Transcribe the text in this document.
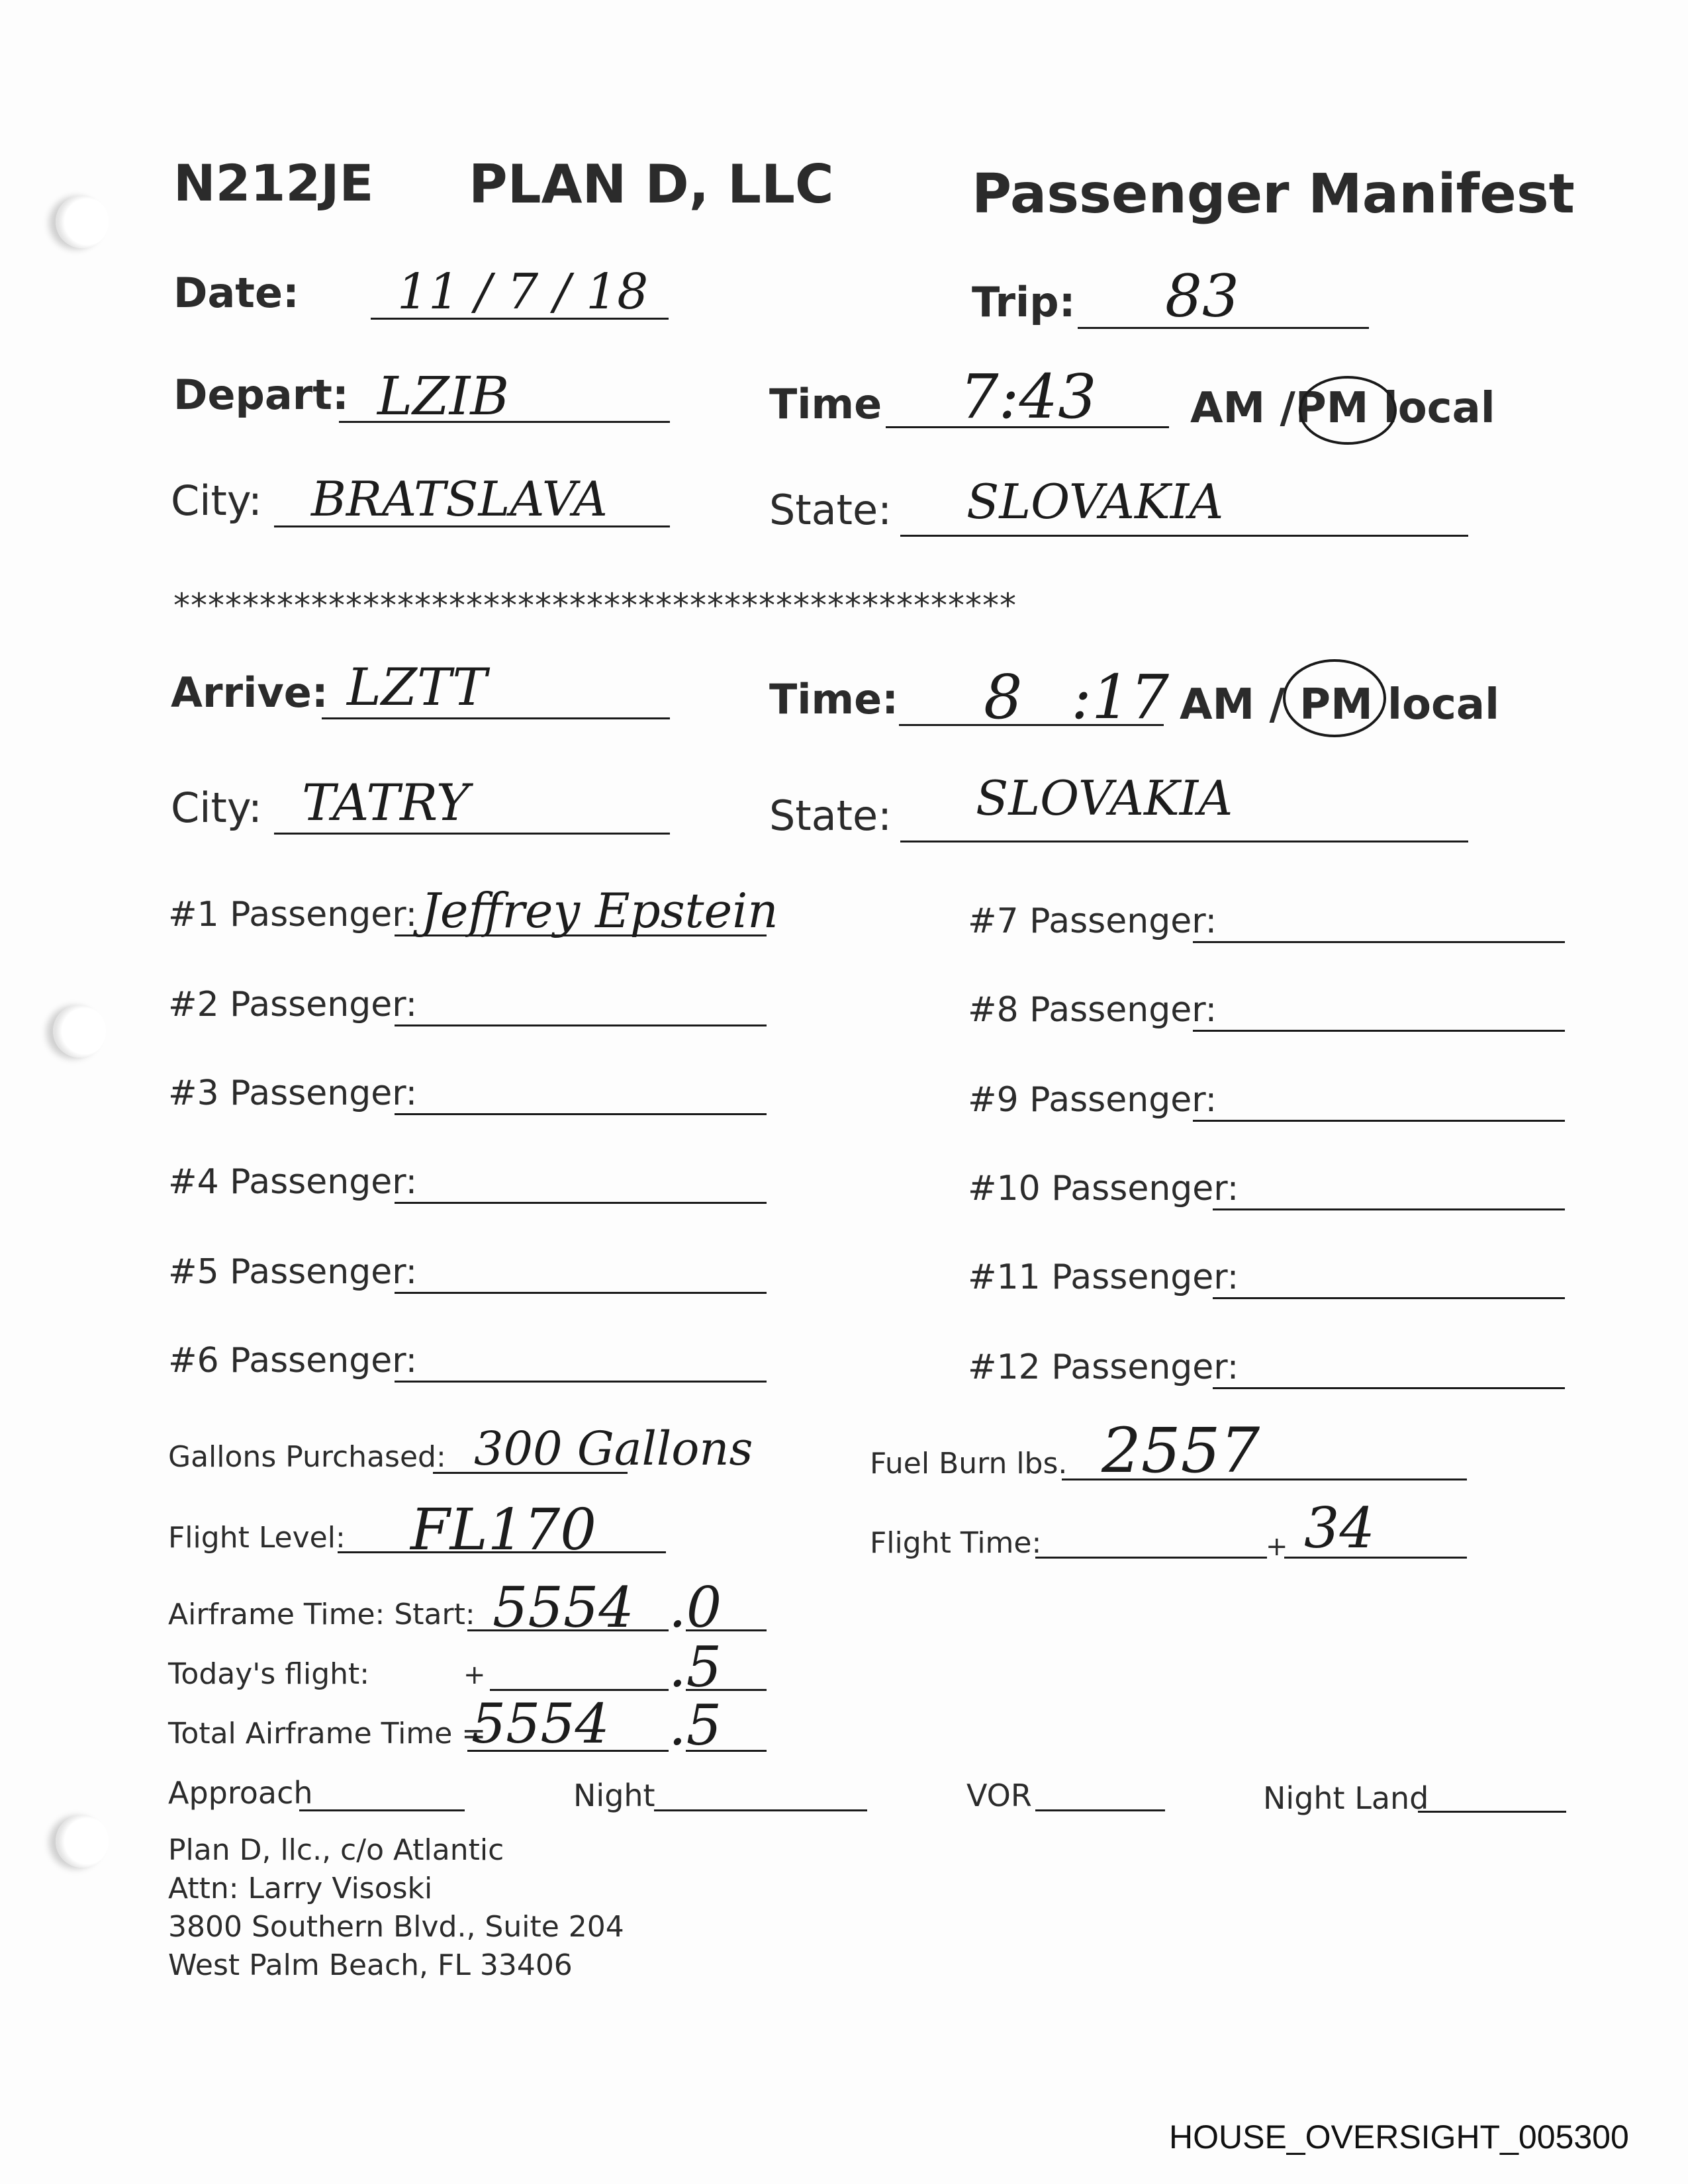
N212JE PLAN D, LLC	Passenger Manifest
Date: 11 / 7 / 18	Trip: 83
Depart: LZIB	Time 7:43 AM /PM local
City: BRATSLAVA	State: SLOVAKIA
*************************************************
Arrive: LZTT	Time: 8 :17 AM / PM local
City: TATRY	State: SLOVAKIA
#1 Passenger: Jeffrey Epstein
#2 Passenger:
#3 Passenger:
#4 Passenger:
#5 Passenger:
#6 Passenger:
#7 Passenger:
#8 Passenger:
#9 Passenger:
#10 Passenger:
#11 Passenger:
#12 Passenger:
Gallons Purchased: 300 Gallons	Fuel Burn lbs. 2557
Flight Level: FL170	Flight Time:	+ 34
Airframe Time: Start: 5554 .0
Today's flight:	+	.5
Total Airframe Time =
5554 .5
Approach	Night	VOR	Night Land
Plan D, llc., c/o Atlantic
Attn: Larry Visoski
3800 Southern Blvd., Suite 204
West Palm Beach, FL 33406
HOUSE_OVERSIGHT_005300
